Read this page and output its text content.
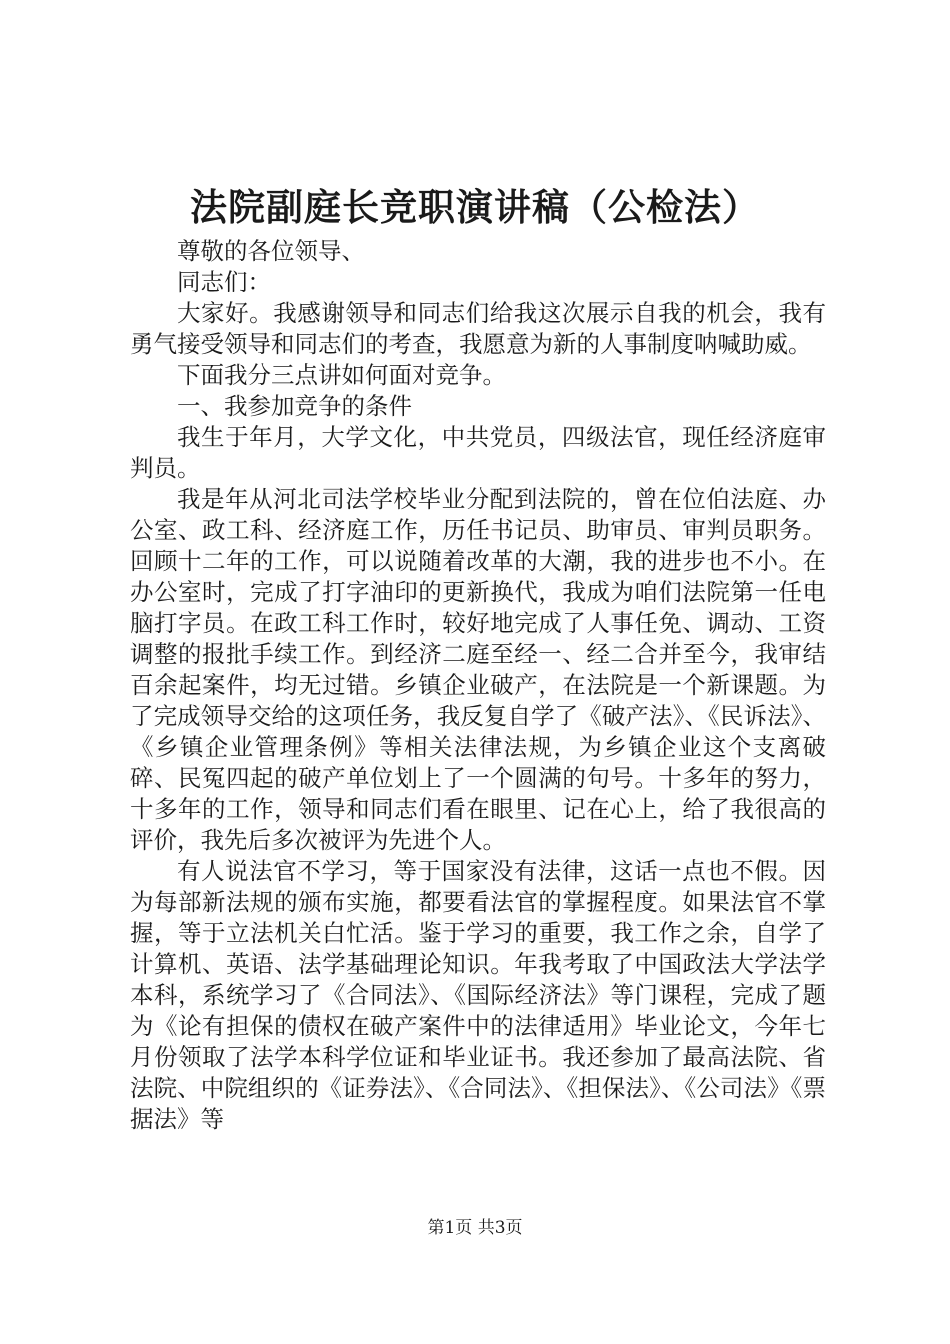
法院副庭长竞职演讲稿（公检法）

尊敬的各位领导、

同志们：

大家好。我感谢领导和同志们给我这次展示自我的机会，我有勇气接受领导和同志们的考查，我愿意为新的人事制度呐喊助威。

下面我分三点讲如何面对竞争。

一、我参加竞争的条件

我生于年月，大学文化，中共党员，四级法官，现任经济庭审判员。

我是年从河北司法学校毕业分配到法院的，曾在位伯法庭、办公室、政工科、经济庭工作，历任书记员、助审员、审判员职务。回顾十二年的工作，可以说随着改革的大潮，我的进步也不小。在办公室时，完成了打字油印的更新换代，我成为咱们法院第一任电脑打字员。在政工科工作时，较好地完成了人事任免、调动、工资调整的报批手续工作。到经济二庭至经一、经二合并至今，我审结百余起案件，均无过错。乡镇企业破产，在法院是一个新课题。为了完成领导交给的这项任务，我反复自学了《破产法》、《民诉法》、《乡镇企业管理条例》等相关法律法规，为乡镇企业这个支离破碎、民冤四起的破产单位划上了一个圆满的句号。十多年的努力，十多年的工作，领导和同志们看在眼里、记在心上，给了我很高的评价，我先后多次被评为先进个人。

有人说法官不学习，等于国家没有法律，这话一点也不假。因为每部新法规的颁布实施，都要看法官的掌握程度。如果法官不掌握，等于立法机关白忙活。鉴于学习的重要，我工作之余，自学了计算机、英语、法学基础理论知识。年我考取了中国政法大学法学本科，系统学习了《合同法》、《国际经济法》等门课程，完成了题为《论有担保的债权在破产案件中的法律适用》毕业论文，今年七月份领取了法学本科学位证和毕业证书。我还参加了最高法院、省法院、中院组织的《证券法》、《合同法》、《担保法》、《公司法》《票据法》等

第1页 共3页
